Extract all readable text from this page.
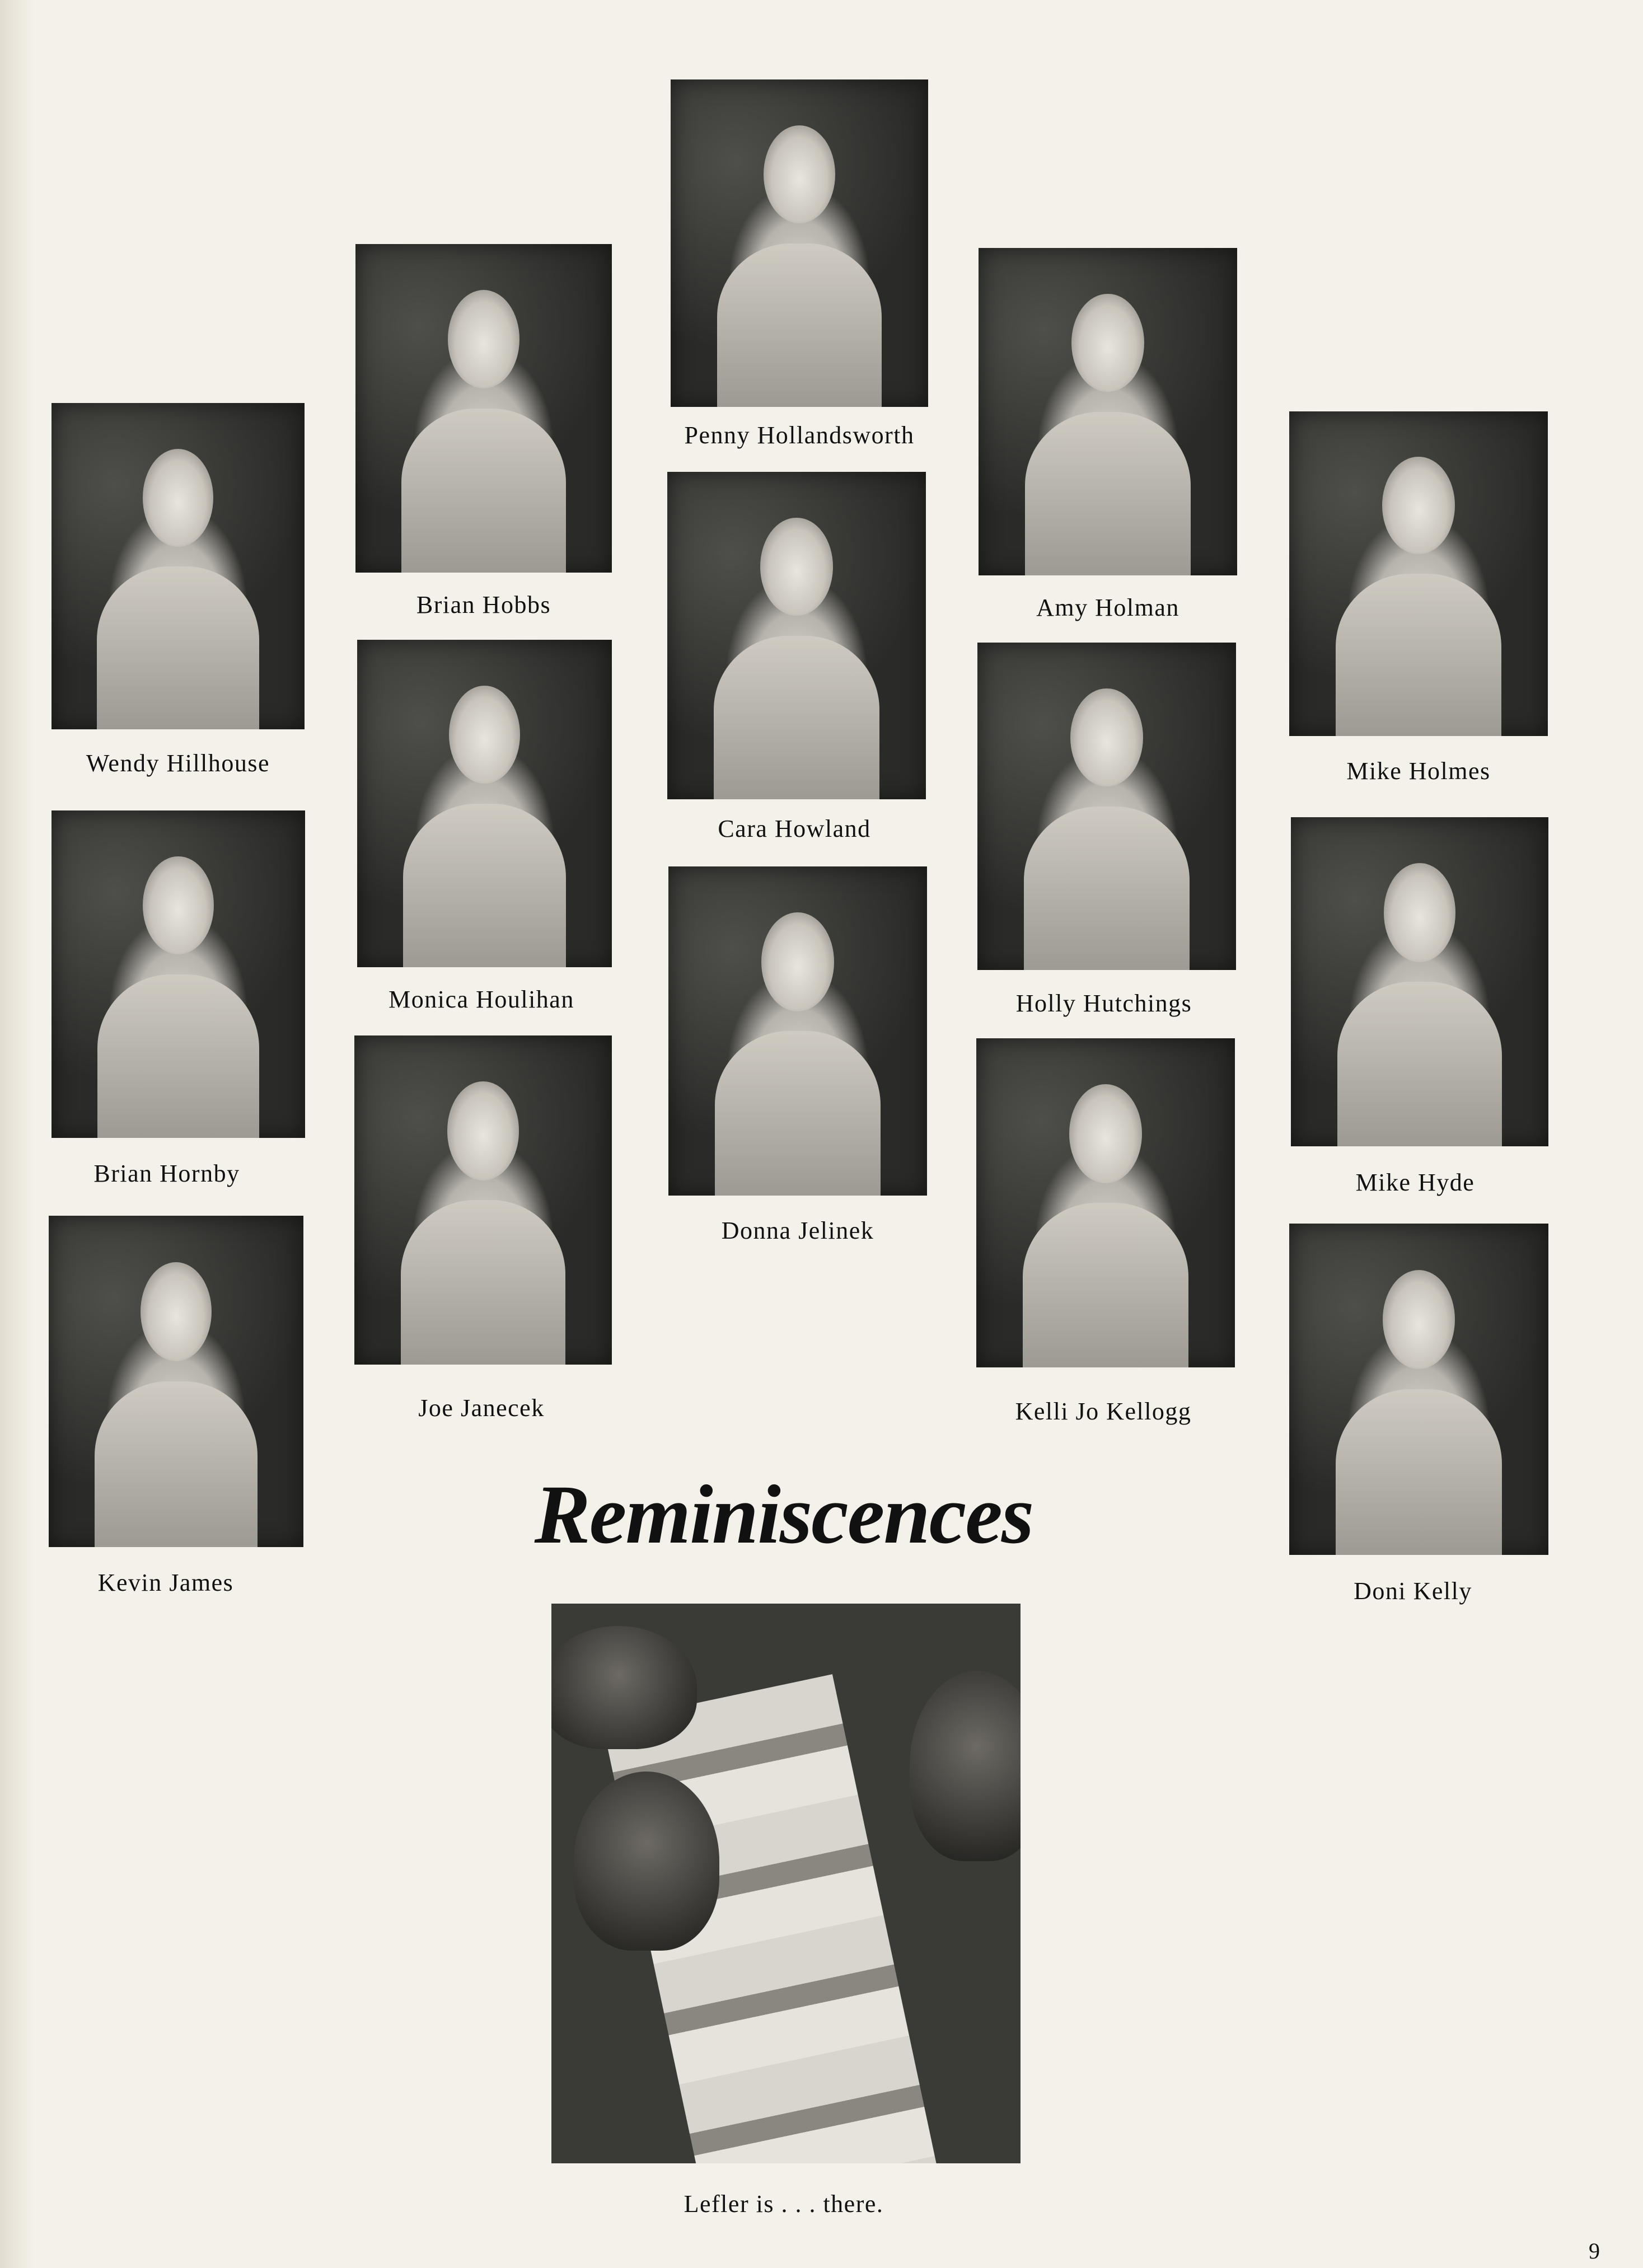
Penny Hollandsworth
Brian Hobbs	Amy Holman
Wendy Hillhouse	Mike Holmes
Cara Howland
Monica Houlihan	Holly Hutchings
Brian Hornby	Mike Hyde
Donna Jelinek
Joe Janecek	Kelli Jo Kellogg
Kevin James	Doni Kelly
Reminiscences
Lefler is . . . there.
9
